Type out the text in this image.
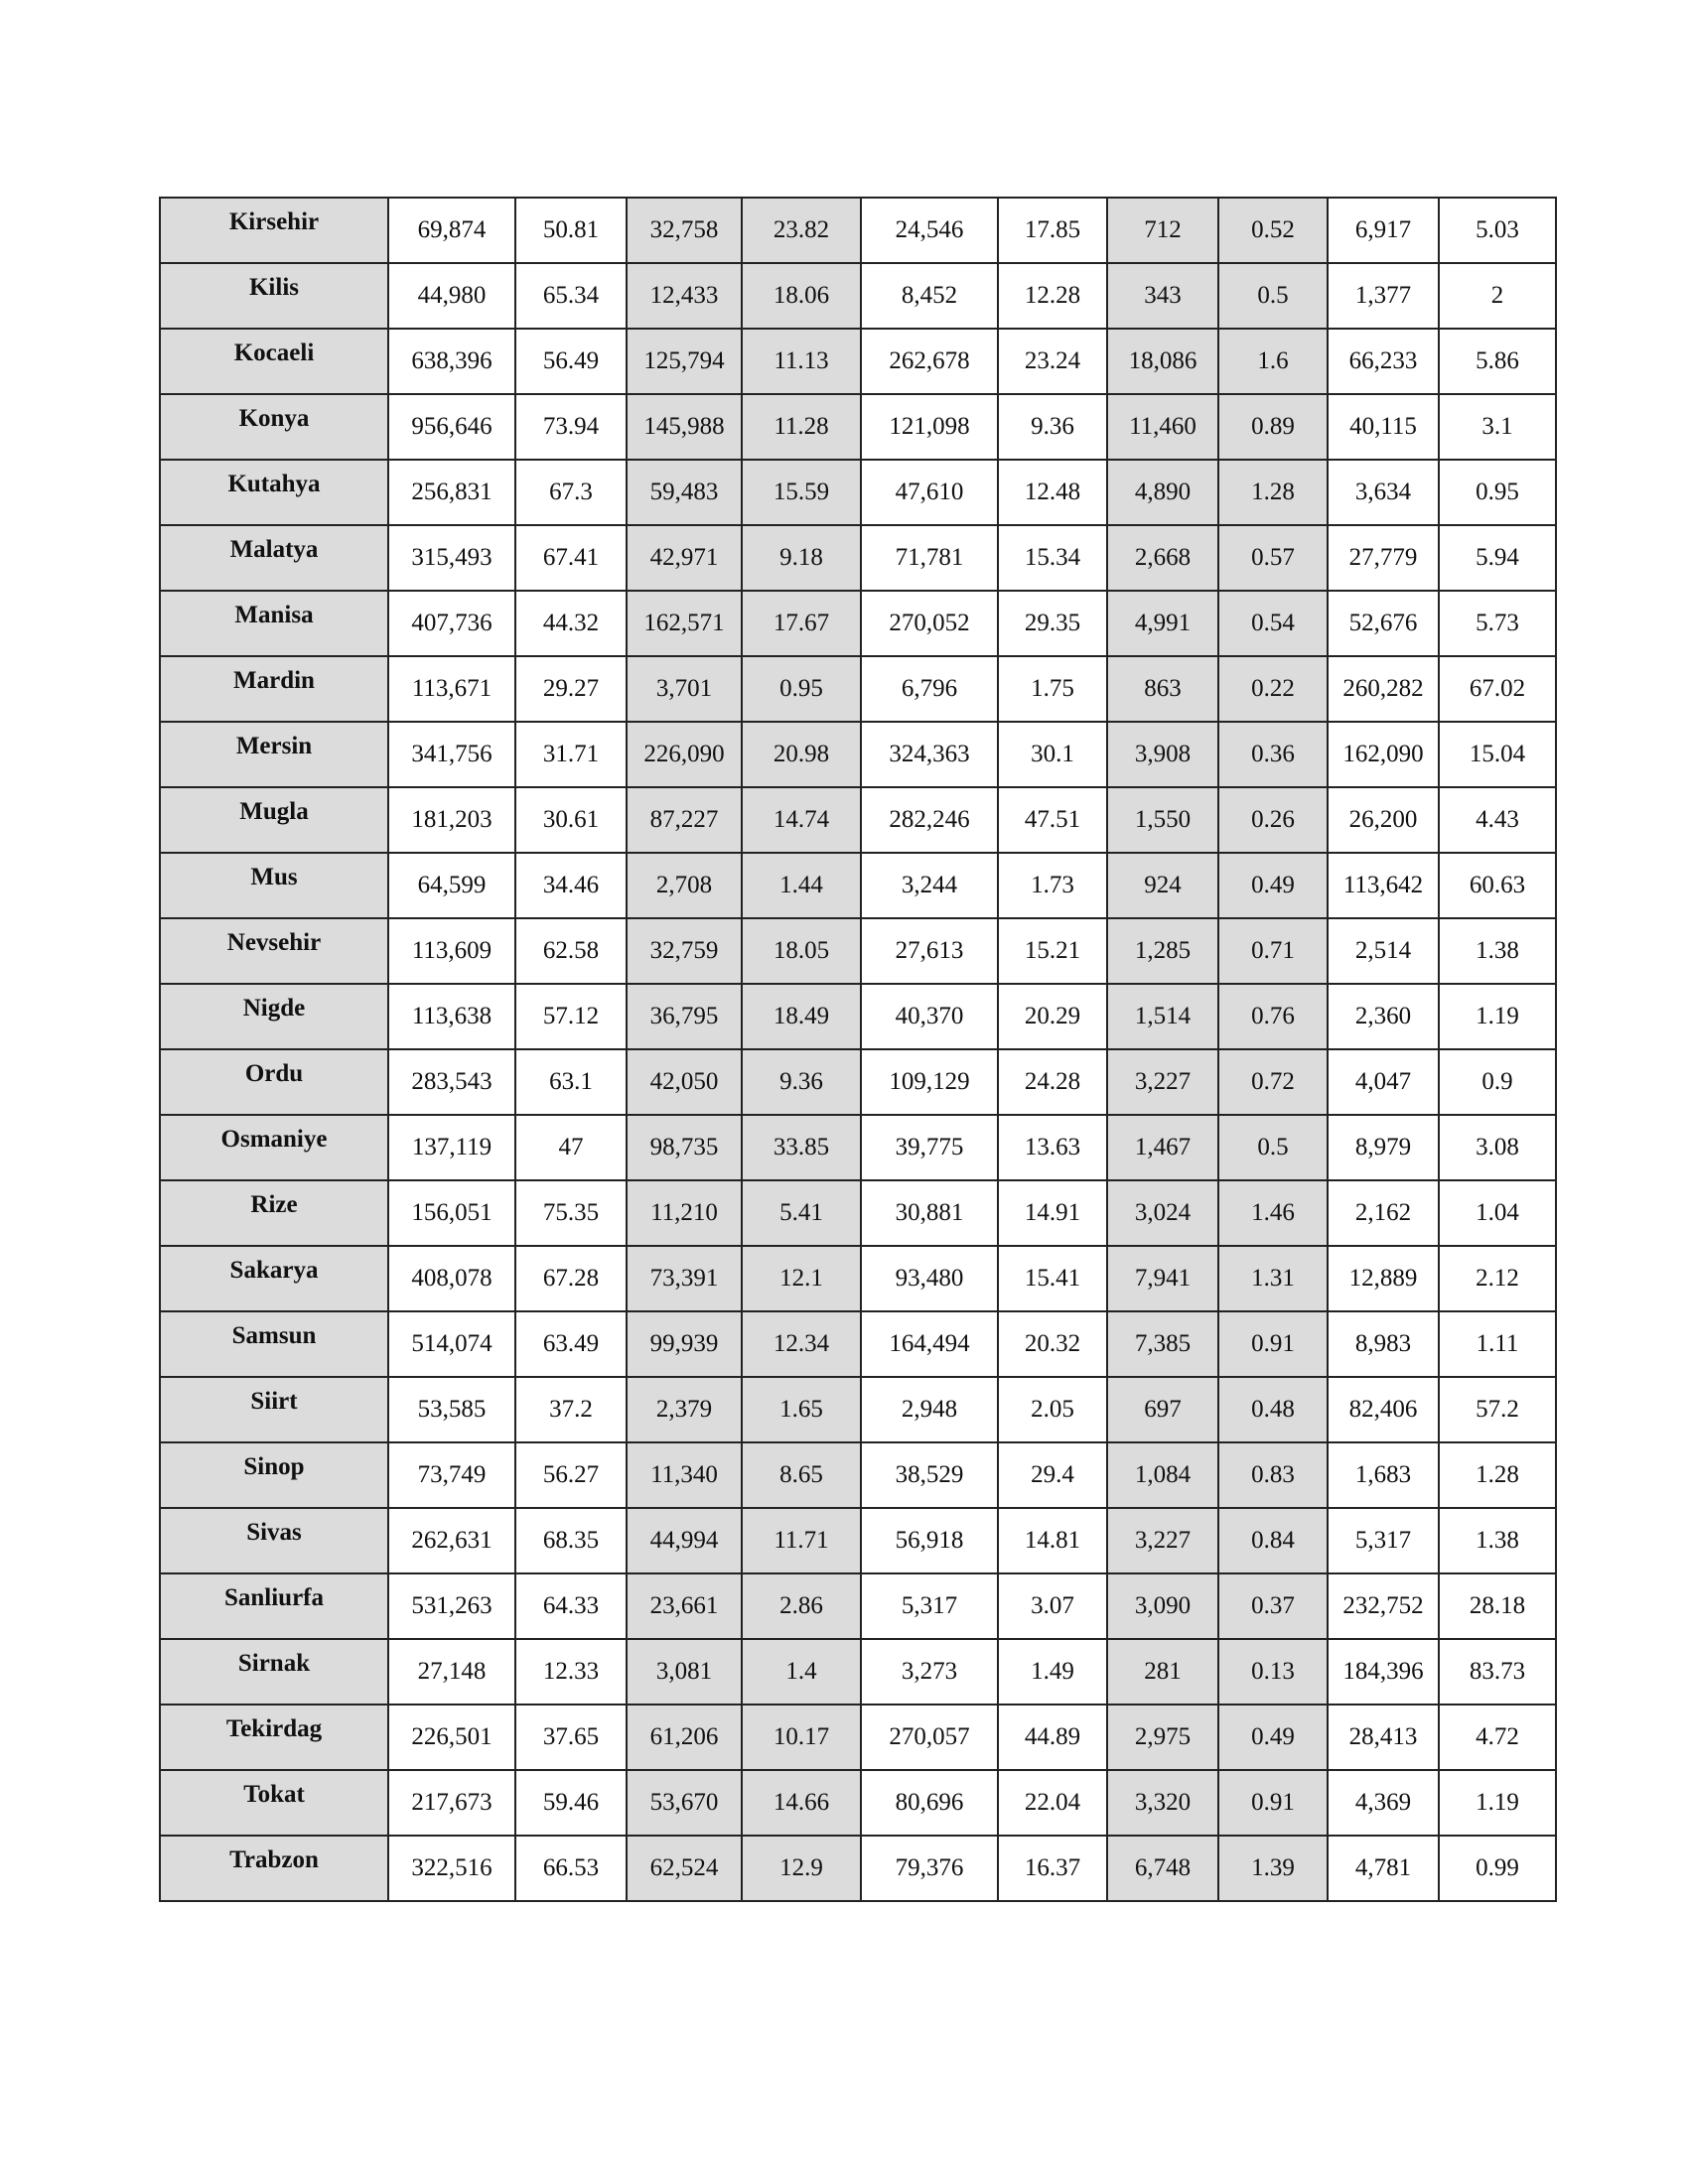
Kirsehir	69,874	50.81	32,758	23.82	24,546	17.85	712	0.52	6,917	5.03
Kilis	44,980	65.34	12,433	18.06	8,452	12.28	343	0.5	1,377	2
Kocaeli	638,396	56.49	125,794	11.13	262,678	23.24	18,086	1.6	66,233	5.86
Konya	956,646	73.94	145,988	11.28	121,098	9.36	11,460	0.89	40,115	3.1
Kutahya	256,831	67.3	59,483	15.59	47,610	12.48	4,890	1.28	3,634	0.95
Malatya	315,493	67.41	42,971	9.18	71,781	15.34	2,668	0.57	27,779	5.94
Manisa	407,736	44.32	162,571	17.67	270,052	29.35	4,991	0.54	52,676	5.73
Mardin	113,671	29.27	3,701	0.95	6,796	1.75	863	0.22	260,282	67.02
Mersin	341,756	31.71	226,090	20.98	324,363	30.1	3,908	0.36	162,090	15.04
Mugla	181,203	30.61	87,227	14.74	282,246	47.51	1,550	0.26	26,200	4.43
Mus	64,599	34.46	2,708	1.44	3,244	1.73	924	0.49	113,642	60.63
Nevsehir	113,609	62.58	32,759	18.05	27,613	15.21	1,285	0.71	2,514	1.38
Nigde	113,638	57.12	36,795	18.49	40,370	20.29	1,514	0.76	2,360	1.19
Ordu	283,543	63.1	42,050	9.36	109,129	24.28	3,227	0.72	4,047	0.9
Osmaniye	137,119	47	98,735	33.85	39,775	13.63	1,467	0.5	8,979	3.08
Rize	156,051	75.35	11,210	5.41	30,881	14.91	3,024	1.46	2,162	1.04
Sakarya	408,078	67.28	73,391	12.1	93,480	15.41	7,941	1.31	12,889	2.12
Samsun	514,074	63.49	99,939	12.34	164,494	20.32	7,385	0.91	8,983	1.11
Siirt	53,585	37.2	2,379	1.65	2,948	2.05	697	0.48	82,406	57.2
Sinop	73,749	56.27	11,340	8.65	38,529	29.4	1,084	0.83	1,683	1.28
Sivas	262,631	68.35	44,994	11.71	56,918	14.81	3,227	0.84	5,317	1.38
Sanliurfa	531,263	64.33	23,661	2.86	5,317	3.07	3,090	0.37	232,752	28.18
Sirnak	27,148	12.33	3,081	1.4	3,273	1.49	281	0.13	184,396	83.73
Tekirdag	226,501	37.65	61,206	10.17	270,057	44.89	2,975	0.49	28,413	4.72
Tokat	217,673	59.46	53,670	14.66	80,696	22.04	3,320	0.91	4,369	1.19
Trabzon	322,516	66.53	62,524	12.9	79,376	16.37	6,748	1.39	4,781	0.99
